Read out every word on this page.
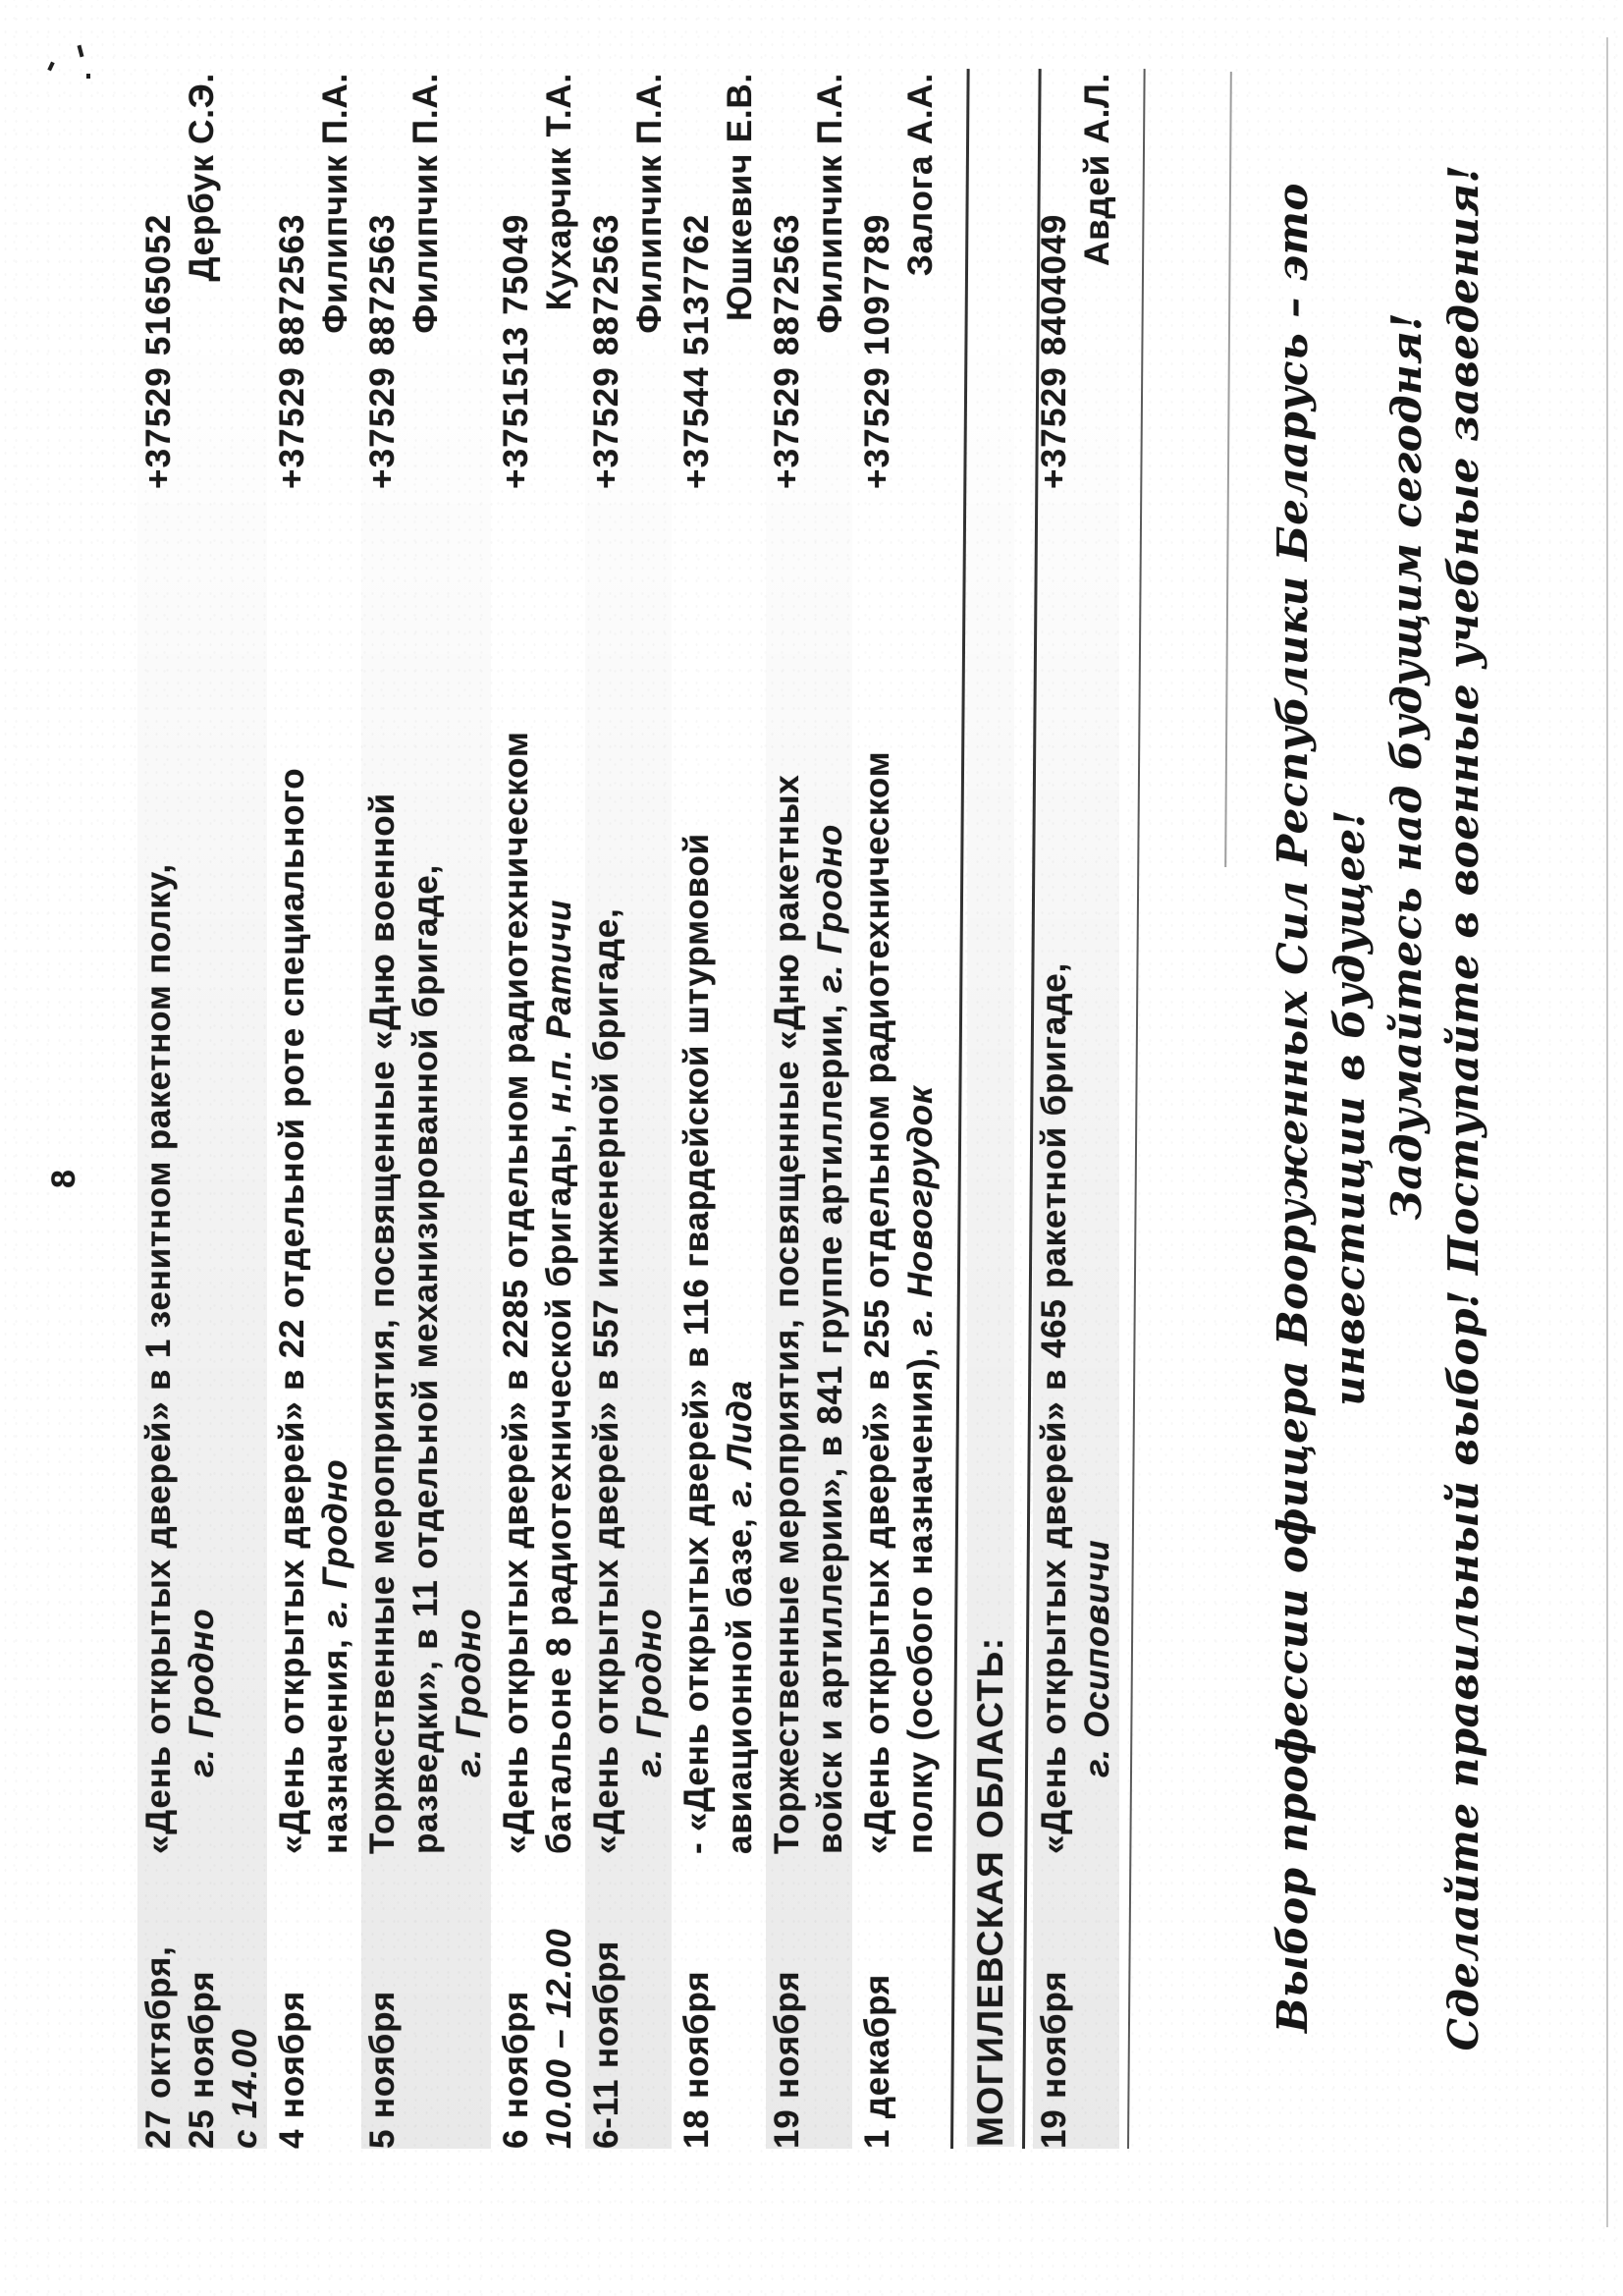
8
27 октября, 25 ноября с 14.00
«День открытых дверей» в 1 зенитном ракетном полку, г. Гродно
+37529 5165052
Дербук С.Э.
4 ноября
«День открытых дверей» в 22 отдельной роте специального назначения, г. Гродно
+37529 8872563
Филипчик П.А.
5 ноября
Торжественные мероприятия, посвященные «Дню военной разведки», в 11 отдельной механизированной бригаде, г. Гродно
+37529 8872563
Филипчик П.А.
6 ноября 10.00 – 12.00
«День открытых дверей» в 2285 отдельном радиотехническом батальоне 8 радиотехнической бригады, н.п. Ратичи
+3751513 75049
Кухарчик Т.А.
6-11 ноября
«День открытых дверей» в 557 инженерной бригаде, г. Гродно
+37529 8872563
Филипчик П.А.
18 ноября
- «День открытых дверей» в 116 гвардейской штурмовой авиационной базе, г. Лида
+37544 5137762
Юшкевич Е.В.
19 ноября
Торжественные мероприятия, посвященные «Дню ракетных войск и артиллерии», в 841 группе артиллерии, г. Гродно
+37529 8872563
Филипчик П.А.
1 декабря
«День открытых дверей» в 255 отдельном радиотехническом полку (особого назначения), г. Новогрудок
+37529 1097789
Залога А.А.
МОГИЛЕВСКАЯ ОБЛАСТЬ: 19 ноября
«День открытых дверей» в 465 ракетной бригаде, г. Осиповичи
+37529 8404049
Авдей А.Л.
Выбор профессии офицера Вооруженных Сил Республики Беларусь – это инвестиции в будущее! Задумайтесь над будущим сегодня! Сделайте правильный выбор! Поступайте в военные учебные заведения!
